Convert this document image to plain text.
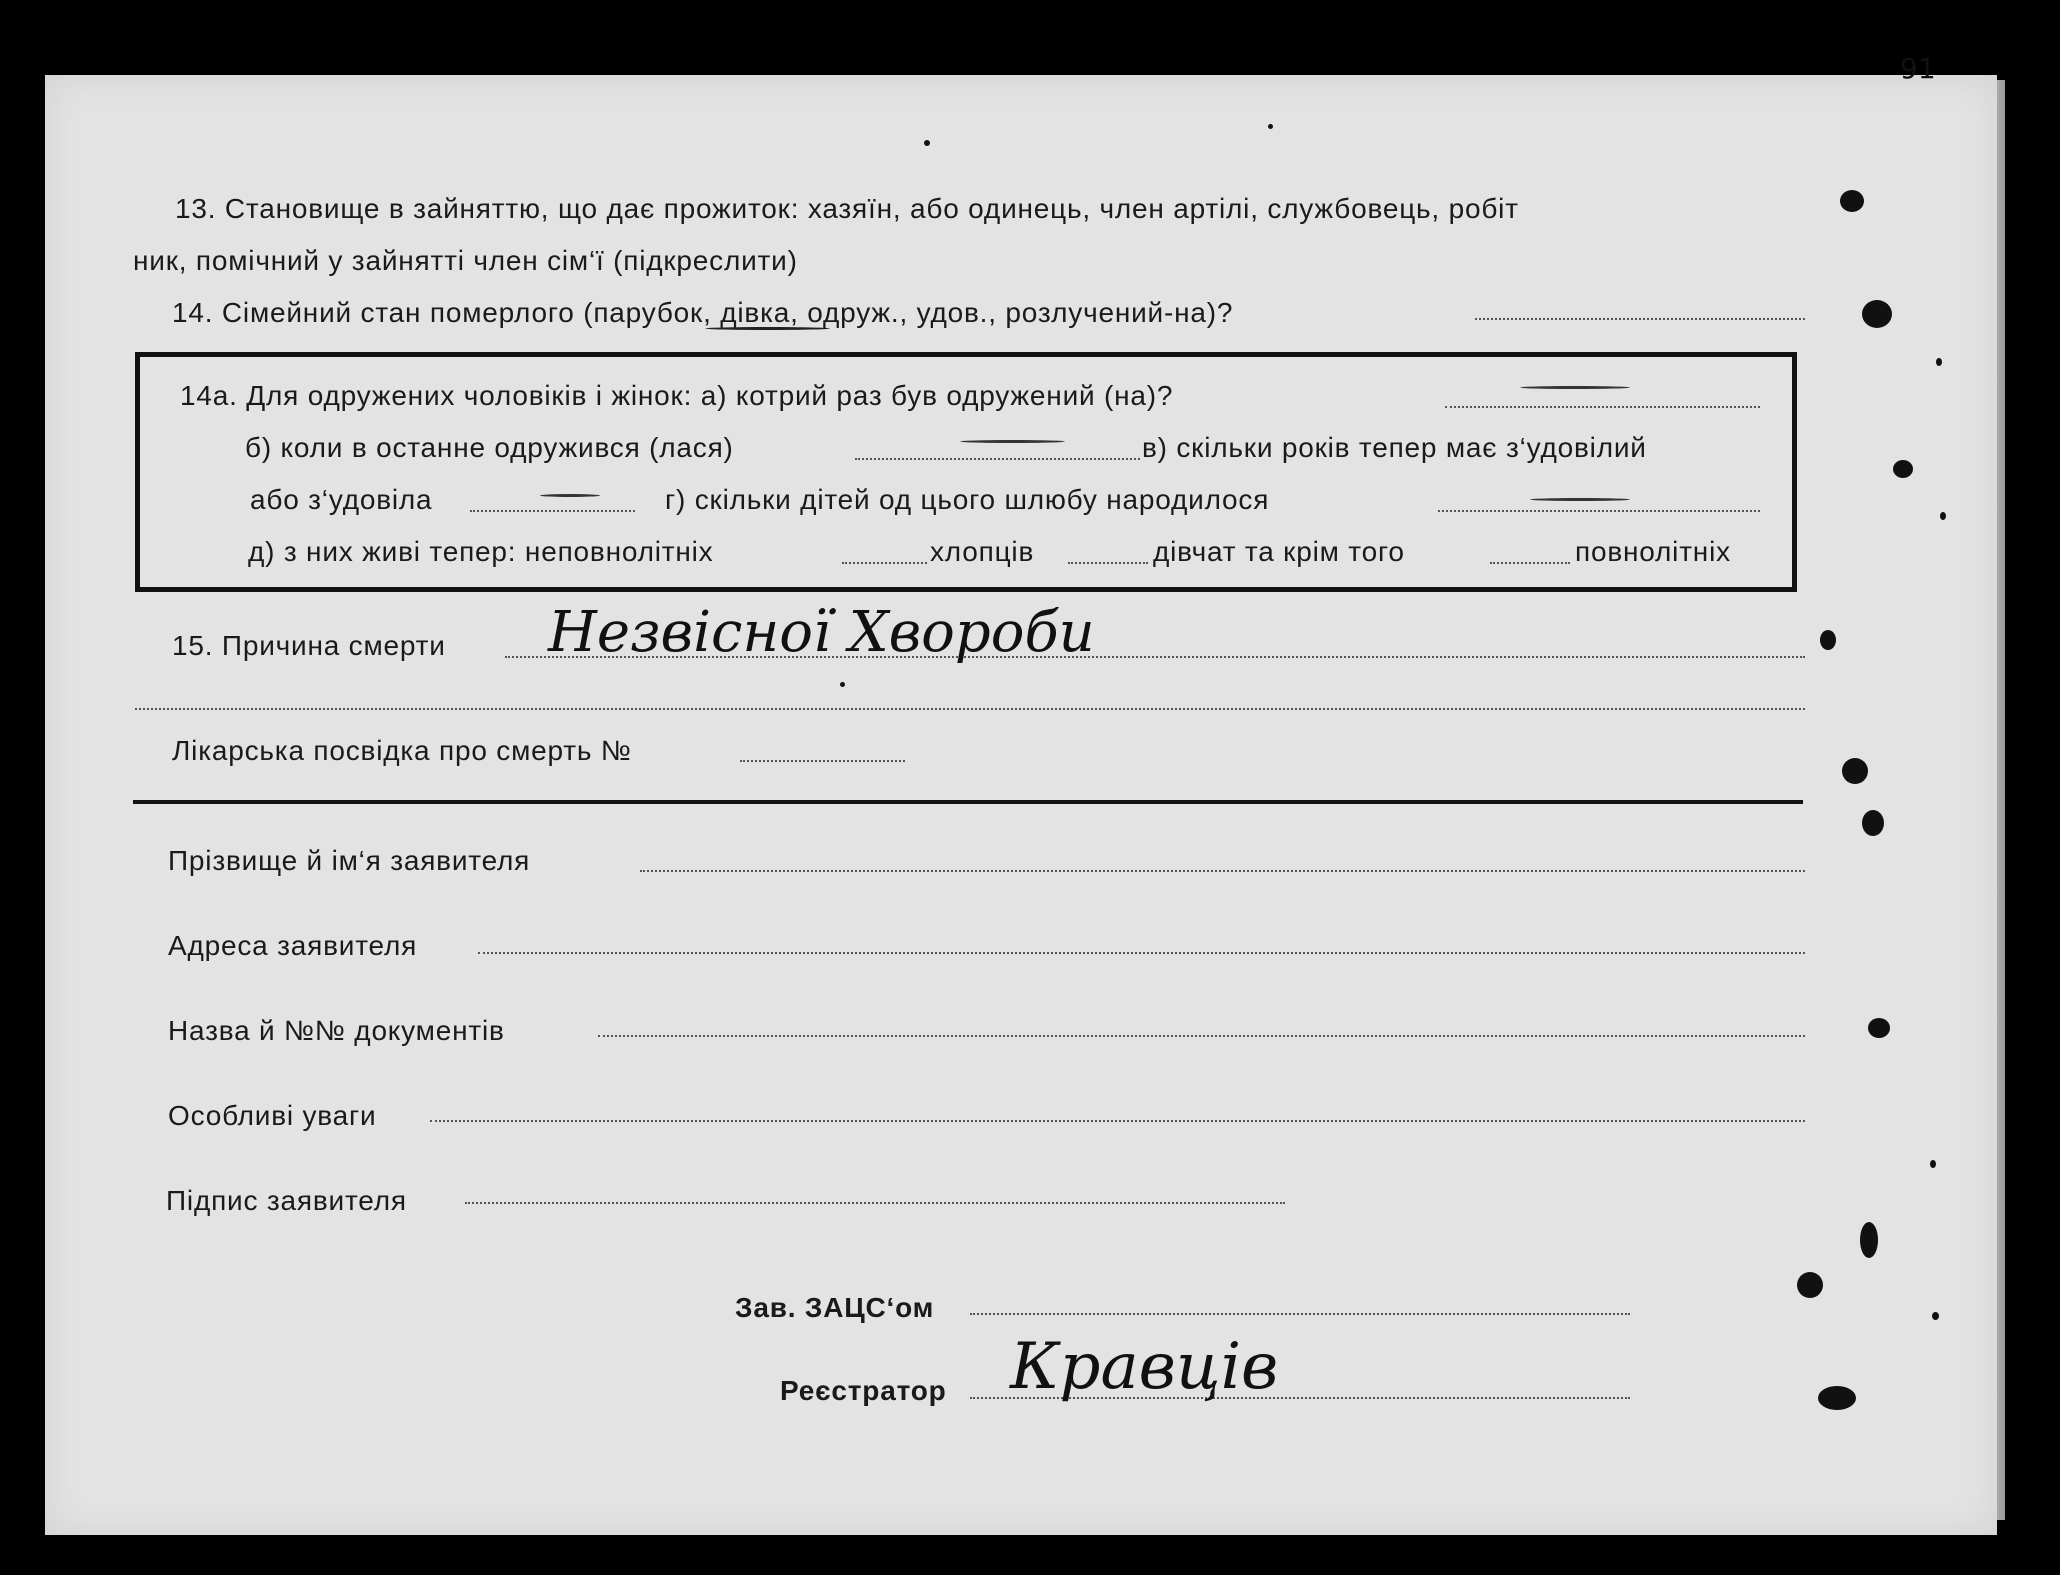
91
13. Становище в зайняттю, що дає прожиток: хазяїн, або одинець, член артілі, службовець, робіт
ник, помічний у зайнятті член сім‘ї (підкреслити)
14. Сімейний стан померлого (парубок, дівка, одруж., удов., розлучений-на)?
14а. Для одружених чоловіків і жінок: а) котрий раз був одружений (на)?
б) коли в останне одружився (лася)	в) скільки років тепер має з‘удовілий
або з‘удовіла	г) скільки дітей од цього шлюбу народилося
д) з них живі тепер: неповнолітніх	хлопців	дівчат та крім того	повнолітніх
15. Причина смерти Незвісної Хвороби
Лікарська посвідка про смерть №
Прізвище й ім‘я заявителя
Адреса заявителя
Назва й №№ документів
Особливі уваги
Підпис заявителя
Зав. ЗАЦС‘ом
Реєстратор Кравців
